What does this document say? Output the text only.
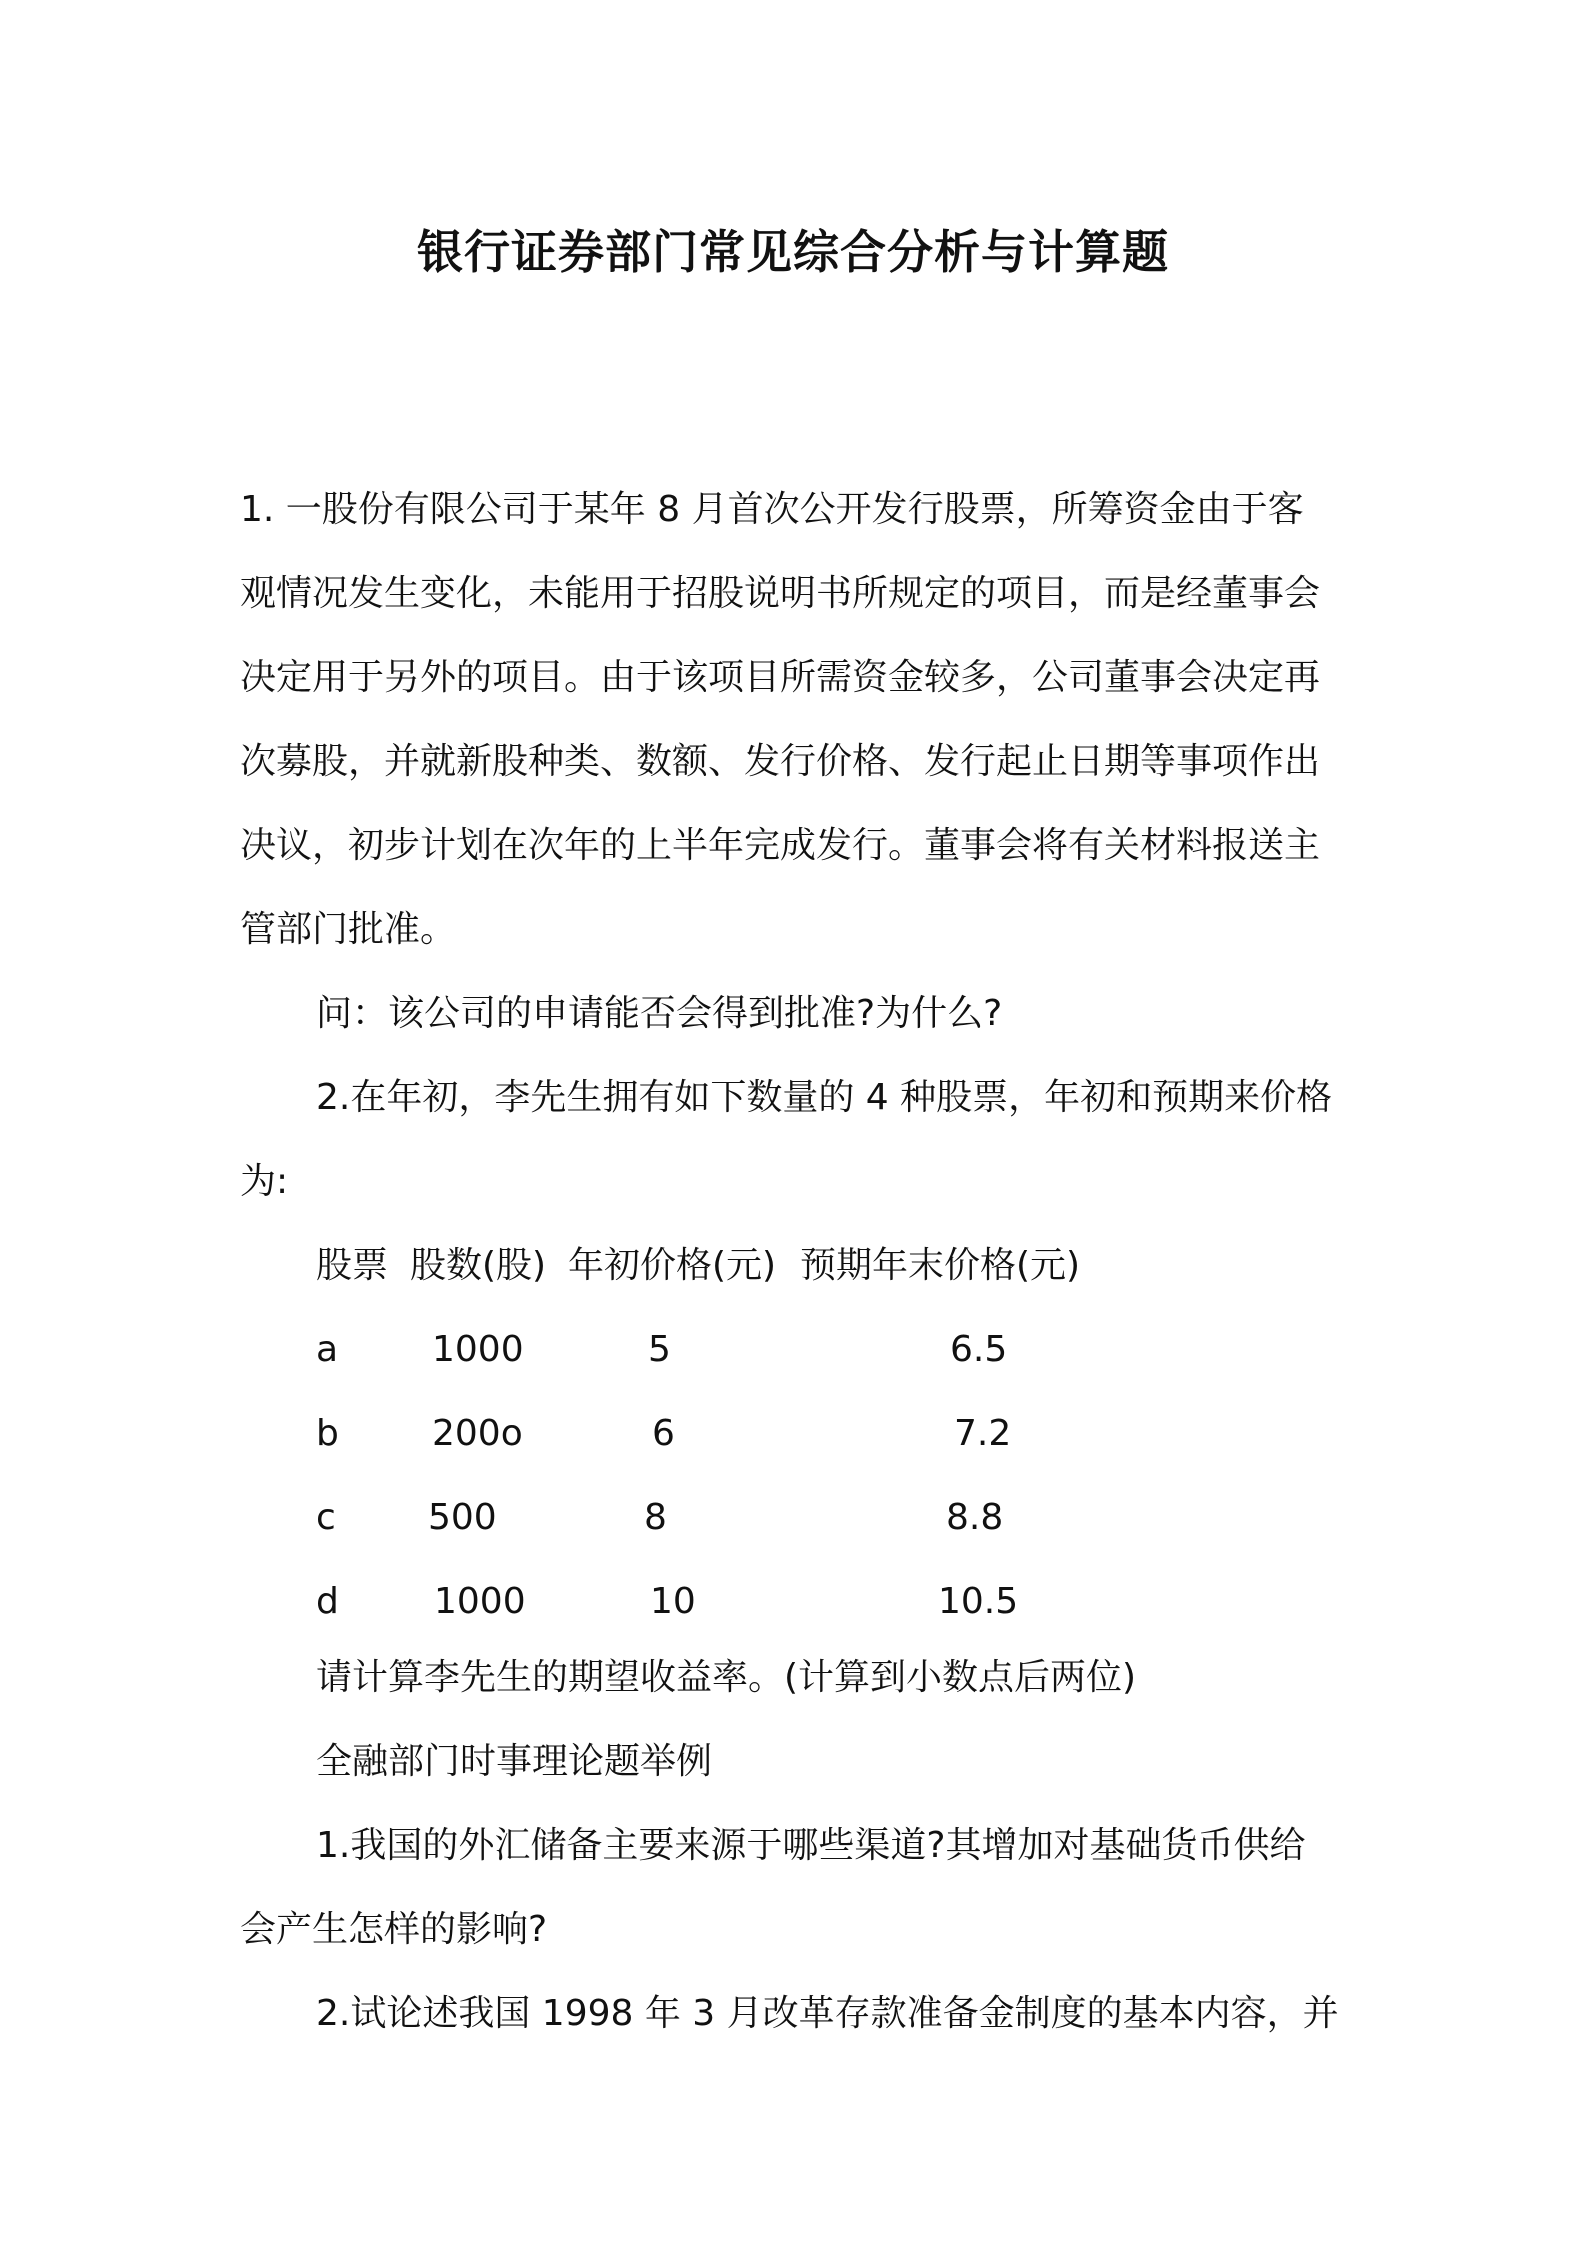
银行证券部门常见综合分析与计算题
1. 一股份有限公司于某年 8 月首次公开发行股票，所筹资金由于客
观情况发生变化，未能用于招股说明书所规定的项目，而是经董事会
决定用于另外的项目。由于该项目所需资金较多，公司董事会决定再
次募股，并就新股种类、数额、发行价格、发行起止日期等事项作出
决议，初步计划在次年的上半年完成发行。董事会将有关材料报送主
管部门批准。
问：该公司的申请能否会得到批准?为什么?
2.在年初，李先生拥有如下数量的 4 种股票，年初和预期来价格
为:
股票 股数(股) 年初价格(元) 预期年末价格(元)
a	1000	5	6.5
b	200o	6	7.2
c	500	8	8.8
d	1000	10	10.5
请计算李先生的期望收益率。(计算到小数点后两位)
全融部门时事理论题举例
1.我国的外汇储备主要来源于哪些渠道?其增加对基础货币供给
会产生怎样的影响?
2.试论述我国 1998 年 3 月改革存款准备金制度的基本内容，并
